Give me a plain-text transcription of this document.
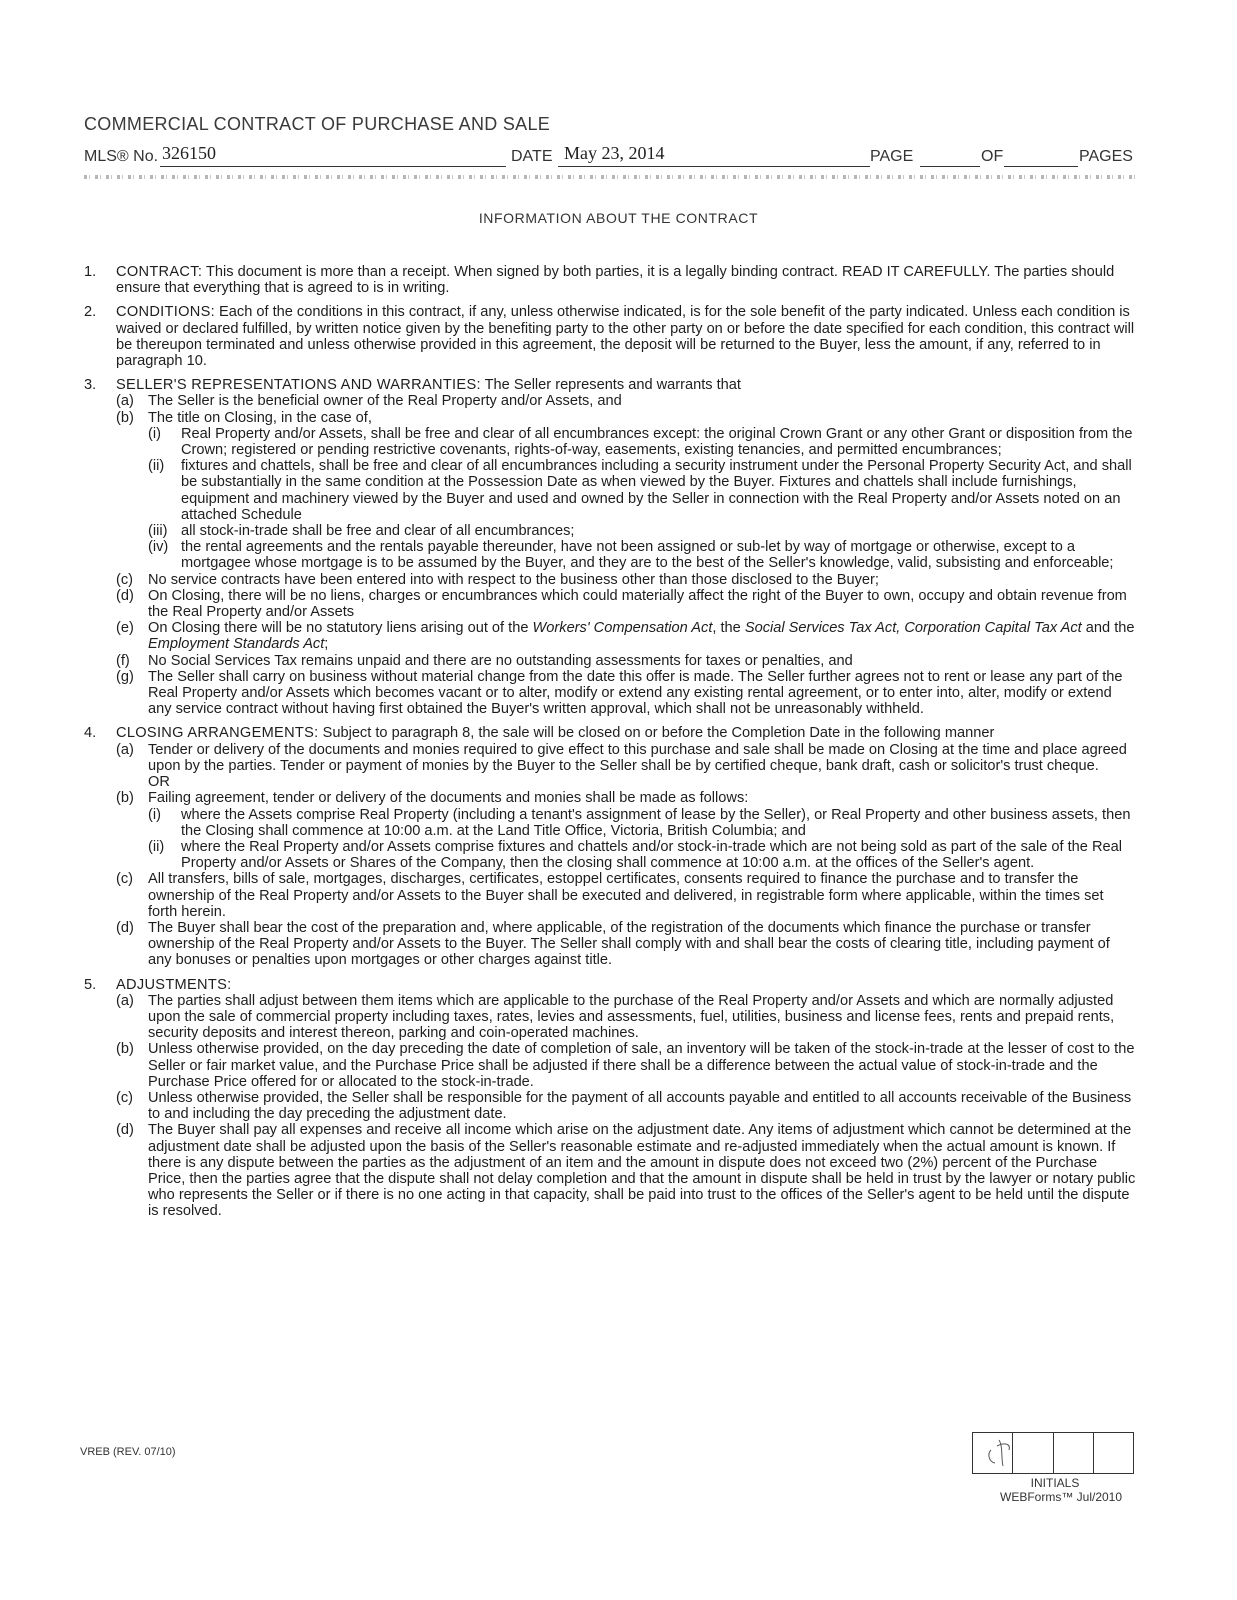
COMMERCIAL CONTRACT OF PURCHASE AND SALE
MLS® No. 326150	DATE May 23, 2014	PAGE	OF	PAGES
INFORMATION ABOUT THE CONTRACT
1. CONTRACT: This document is more than a receipt. When signed by both parties, it is a legally binding contract. READ IT CAREFULLY. The parties should ensure that everything that is agreed to is in writing.
2. CONDITIONS: Each of the conditions in this contract, if any, unless otherwise indicated, is for the sole benefit of the party indicated. Unless each condition is waived or declared fulfilled, by written notice given by the benefiting party to the other party on or before the date specified for each condition, this contract will be thereupon terminated and unless otherwise provided in this agreement, the deposit will be returned to the Buyer, less the amount, if any, referred to in paragraph 10.
3. SELLER'S REPRESENTATIONS AND WARRANTIES: The Seller represents and warrants that
(a) The Seller is the beneficial owner of the Real Property and/or Assets, and
(b) The title on Closing, in the case of,
(i) Real Property and/or Assets, shall be free and clear of all encumbrances except: the original Crown Grant or any other Grant or disposition from the Crown; registered or pending restrictive covenants, rights-of-way, easements, existing tenancies, and permitted encumbrances;
(ii) fixtures and chattels, shall be free and clear of all encumbrances including a security instrument under the Personal Property Security Act, and shall be substantially in the same condition at the Possession Date as when viewed by the Buyer. Fixtures and chattels shall include furnishings, equipment and machinery viewed by the Buyer and used and owned by the Seller in connection with the Real Property and/or Assets noted on an attached Schedule
(iii) all stock-in-trade shall be free and clear of all encumbrances;
(iv) the rental agreements and the rentals payable thereunder, have not been assigned or sub-let by way of mortgage or otherwise, except to a mortgagee whose mortgage is to be assumed by the Buyer, and they are to the best of the Seller's knowledge, valid, subsisting and enforceable;
(c) No service contracts have been entered into with respect to the business other than those disclosed to the Buyer;
(d) On Closing, there will be no liens, charges or encumbrances which could materially affect the right of the Buyer to own, occupy and obtain revenue from the Real Property and/or Assets
(e) On Closing there will be no statutory liens arising out of the Workers' Compensation Act, the Social Services Tax Act, Corporation Capital Tax Act and the Employment Standards Act;
(f) No Social Services Tax remains unpaid and there are no outstanding assessments for taxes or penalties, and
(g) The Seller shall carry on business without material change from the date this offer is made. The Seller further agrees not to rent or lease any part of the Real Property and/or Assets which becomes vacant or to alter, modify or extend any existing rental agreement, or to enter into, alter, modify or extend any service contract without having first obtained the Buyer's written approval, which shall not be unreasonably withheld.
4. CLOSING ARRANGEMENTS: Subject to paragraph 8, the sale will be closed on or before the Completion Date in the following manner
(a) Tender or delivery of the documents and monies required to give effect to this purchase and sale shall be made on Closing at the time and place agreed upon by the parties. Tender or payment of monies by the Buyer to the Seller shall be by certified cheque, bank draft, cash or solicitor's trust cheque.
OR
(b) Failing agreement, tender or delivery of the documents and monies shall be made as follows:
(i) where the Assets comprise Real Property (including a tenant's assignment of lease by the Seller), or Real Property and other business assets, then the Closing shall commence at 10:00 a.m. at the Land Title Office, Victoria, British Columbia; and
(ii) where the Real Property and/or Assets comprise fixtures and chattels and/or stock-in-trade which are not being sold as part of the sale of the Real Property and/or Assets or Shares of the Company, then the closing shall commence at 10:00 a.m. at the offices of the Seller's agent.
(c) All transfers, bills of sale, mortgages, discharges, certificates, estoppel certificates, consents required to finance the purchase and to transfer the ownership of the Real Property and/or Assets to the Buyer shall be executed and delivered, in registrable form where applicable, within the times set forth herein.
(d) The Buyer shall bear the cost of the preparation and, where applicable, of the registration of the documents which finance the purchase or transfer ownership of the Real Property and/or Assets to the Buyer. The Seller shall comply with and shall bear the costs of clearing title, including payment of any bonuses or penalties upon mortgages or other charges against title.
5. ADJUSTMENTS:
(a) The parties shall adjust between them items which are applicable to the purchase of the Real Property and/or Assets and which are normally adjusted upon the sale of commercial property including taxes, rates, levies and assessments, fuel, utilities, business and license fees, rents and prepaid rents, security deposits and interest thereon, parking and coin-operated machines.
(b) Unless otherwise provided, on the day preceding the date of completion of sale, an inventory will be taken of the stock-in-trade at the lesser of cost to the Seller or fair market value, and the Purchase Price shall be adjusted if there shall be a difference between the actual value of stock-in-trade and the Purchase Price offered for or allocated to the stock-in-trade.
(c) Unless otherwise provided, the Seller shall be responsible for the payment of all accounts payable and entitled to all accounts receivable of the Business to and including the day preceding the adjustment date.
(d) The Buyer shall pay all expenses and receive all income which arise on the adjustment date. Any items of adjustment which cannot be determined at the adjustment date shall be adjusted upon the basis of the Seller's reasonable estimate and re-adjusted immediately when the actual amount is known. If there is any dispute between the parties as the adjustment of an item and the amount in dispute does not exceed two (2%) percent of the Purchase Price, then the parties agree that the dispute shall not delay completion and that the amount in dispute shall be held in trust by the lawyer or notary public who represents the Seller or if there is no one acting in that capacity, shall be paid into trust to the offices of the Seller's agent to be held until the dispute is resolved.
VREB (REV. 07/10)
INITIALS
WEBForms™ Jul/2010
